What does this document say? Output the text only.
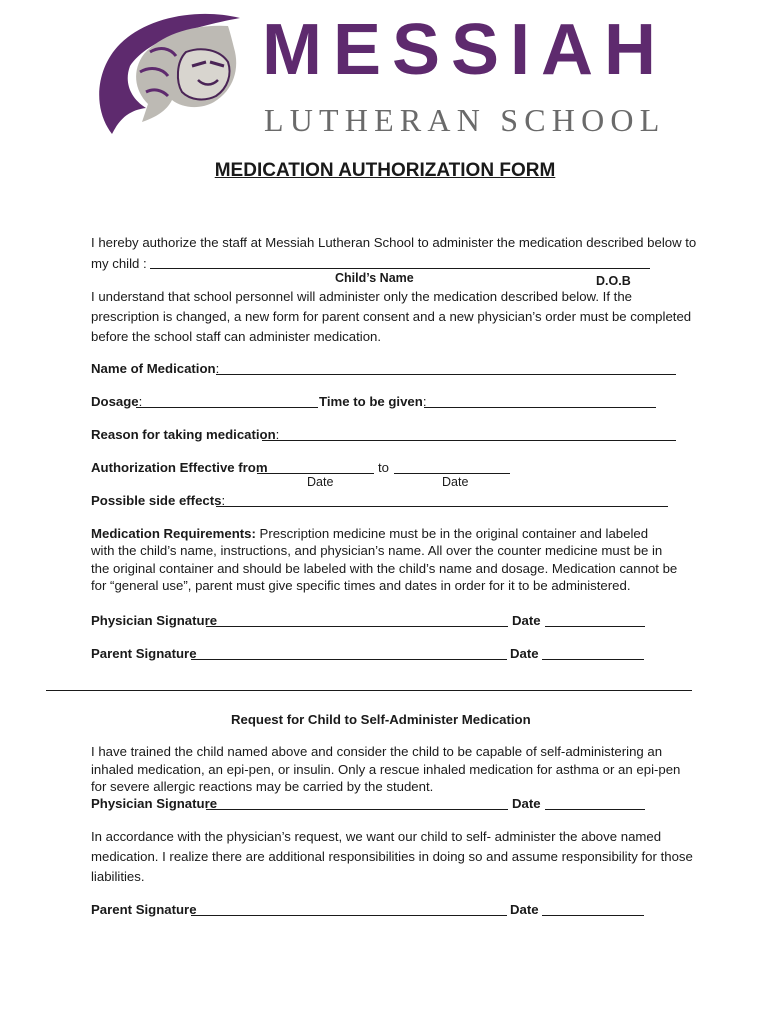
MESSIAH
LUTHERAN SCHOOL
MEDICATION AUTHORIZATION FORM
I hereby authorize the staff at Messiah Lutheran School to administer the medication described below to
my child :
Child’s Name	D.O.B
I understand that school personnel will administer only the medication described below. If the
prescription is changed, a new form for parent consent and a new physician’s order must be completed
before the school staff can administer medication.
Name of Medication:
Dosage:	Time to be given:
Reason for taking medication:
Authorization Effective from	to
Date	Date
Possible side effects:
Medication Requirements: Prescription medicine must be in the original container and labeled
with the child’s name, instructions, and physician’s name. All over the counter medicine must be in
the original container and should be labeled with the child’s name and dosage. Medication cannot be
for “general use”, parent must give specific times and dates in order for it to be administered.
Physician Signature	Date
Parent Signature	Date
Request for Child to Self-Administer Medication
I have trained the child named above and consider the child to be capable of self-administering an
inhaled medication, an epi-pen, or insulin. Only a rescue inhaled medication for asthma or an epi-pen
for severe allergic reactions may be carried by the student.
Physician Signature	Date
In accordance with the physician’s request, we want our child to self- administer the above named
medication. I realize there are additional responsibilities in doing so and assume responsibility for those
liabilities.
Parent Signature	Date
